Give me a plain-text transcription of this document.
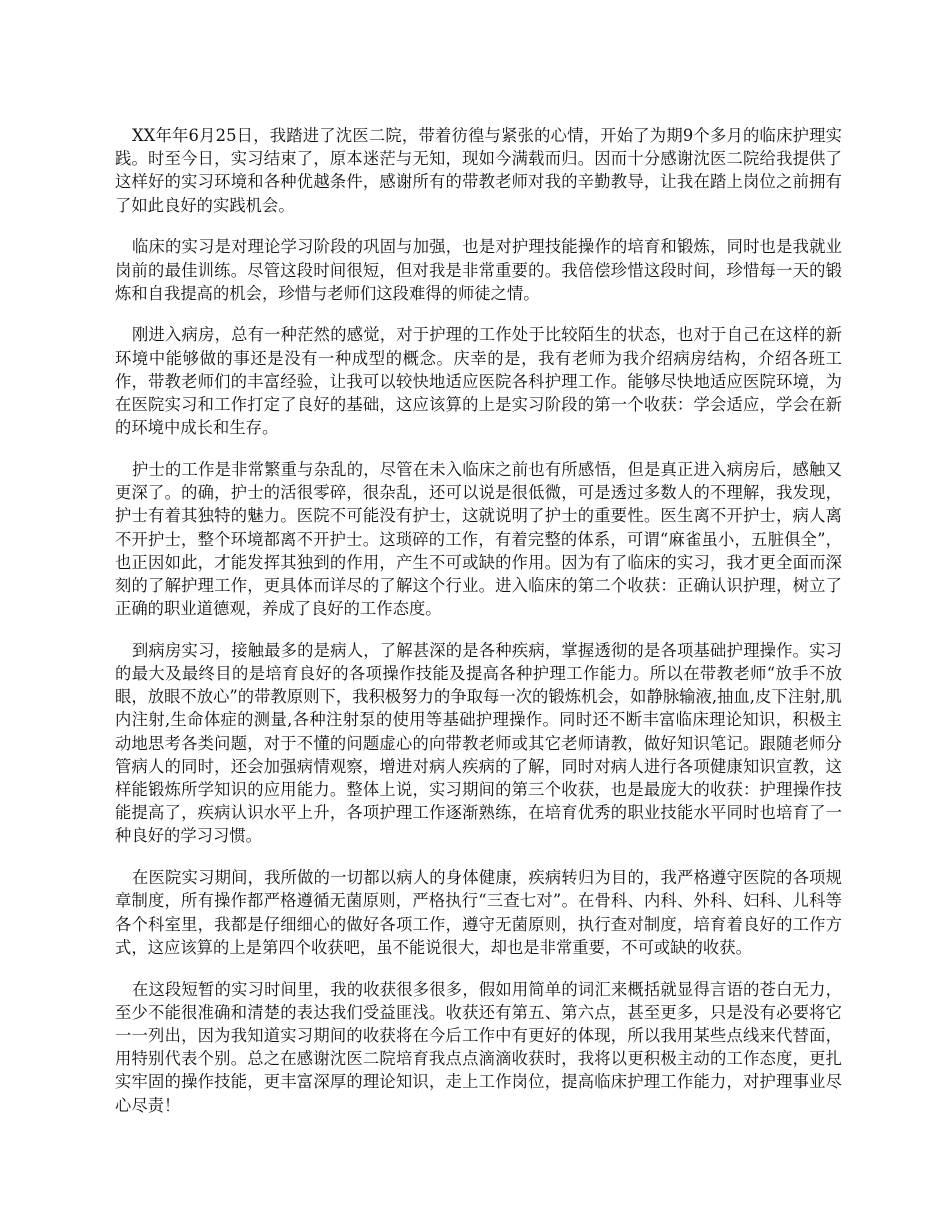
XX年年6月25日，我踏进了沈医二院，带着彷徨与紧张的心情，开始了为期9个多月的临床护理实践。时至今日，实习结束了，原本迷茫与无知，现如今满载而归。因而十分感谢沈医二院给我提供了这样好的实习环境和各种优越条件，感谢所有的带教老师对我的辛勤教导，让我在踏上岗位之前拥有了如此良好的实践机会。

临床的实习是对理论学习阶段的巩固与加强，也是对护理技能操作的培育和锻炼，同时也是我就业岗前的最佳训练。尽管这段时间很短，但对我是非常重要的。我倍偿珍惜这段时间，珍惜每一天的锻炼和自我提高的机会，珍惜与老师们这段难得的师徒之情。

刚进入病房，总有一种茫然的感觉，对于护理的工作处于比较陌生的状态，也对于自己在这样的新环境中能够做的事还是没有一种成型的概念。庆幸的是，我有老师为我介绍病房结构，介绍各班工作，带教老师们的丰富经验，让我可以较快地适应医院各科护理工作。能够尽快地适应医院环境，为在医院实习和工作打定了良好的基础，这应该算的上是实习阶段的第一个收获：学会适应，学会在新的环境中成长和生存。

护士的工作是非常繁重与杂乱的，尽管在未入临床之前也有所感悟，但是真正进入病房后，感触又更深了。的确，护士的活很零碎，很杂乱，还可以说是很低微，可是透过多数人的不理解，我发现，护士有着其独特的魅力。医院不可能没有护士，这就说明了护士的重要性。医生离不开护士，病人离不开护士，整个环境都离不开护士。这琐碎的工作，有着完整的体系，可谓“麻雀虽小，五脏俱全”，也正因如此，才能发挥其独到的作用，产生不可或缺的作用。因为有了临床的实习，我才更全面而深刻的了解护理工作，更具体而详尽的了解这个行业。进入临床的第二个收获：正确认识护理，树立了正确的职业道德观，养成了良好的工作态度。

到病房实习，接触最多的是病人，了解甚深的是各种疾病，掌握透彻的是各项基础护理操作。实习的最大及最终目的是培育良好的各项操作技能及提高各种护理工作能力。所以在带教老师“放手不放眼，放眼不放心”的带教原则下，我积极努力的争取每一次的锻炼机会，如静脉输液,抽血,皮下注射,肌内注射,生命体症的测量,各种注射泵的使用等基础护理操作。同时还不断丰富临床理论知识，积极主动地思考各类问题，对于不懂的问题虚心的向带教老师或其它老师请教，做好知识笔记。跟随老师分管病人的同时，还会加强病情观察，增进对病人疾病的了解，同时对病人进行各项健康知识宣教，这样能锻炼所学知识的应用能力。整体上说，实习期间的第三个收获，也是最庞大的收获：护理操作技能提高了，疾病认识水平上升，各项护理工作逐渐熟练，在培育优秀的职业技能水平同时也培育了一种良好的学习习惯。

在医院实习期间，我所做的一切都以病人的身体健康，疾病转归为目的，我严格遵守医院的各项规章制度，所有操作都严格遵循无菌原则，严格执行“三查七对”。在骨科、内科、外科、妇科、儿科等各个科室里，我都是仔细细心的做好各项工作，遵守无菌原则，执行查对制度，培育着良好的工作方式，这应该算的上是第四个收获吧，虽不能说很大，却也是非常重要，不可或缺的收获。

在这段短暂的实习时间里，我的收获很多很多，假如用简单的词汇来概括就显得言语的苍白无力，至少不能很准确和清楚的表达我们受益匪浅。收获还有第五、第六点，甚至更多，只是没有必要将它一一列出，因为我知道实习期间的收获将在今后工作中有更好的体现，所以我用某些点线来代替面，用特别代表个别。总之在感谢沈医二院培育我点点滴滴收获时，我将以更积极主动的工作态度，更扎实牢固的操作技能，更丰富深厚的理论知识，走上工作岗位，提高临床护理工作能力，对护理事业尽心尽责！
